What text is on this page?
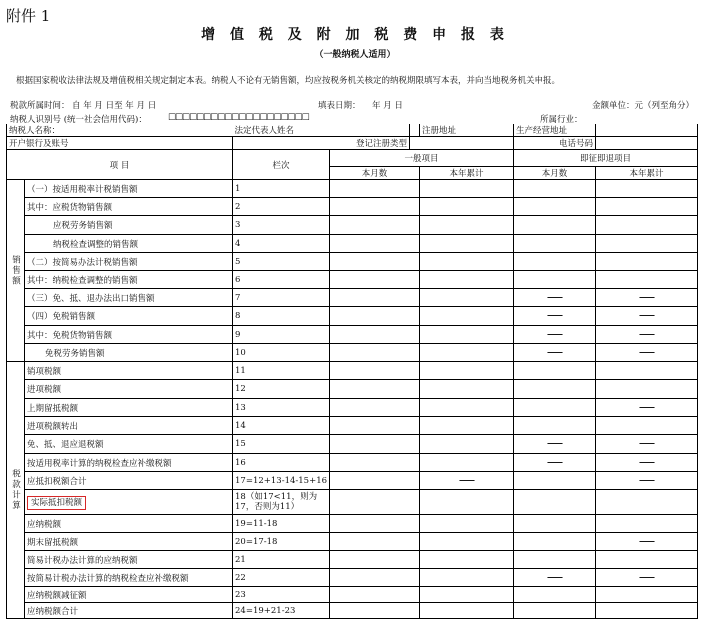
附件 1
增 值 税 及 附 加 税 费 申 报 表
（一般纳税人适用）
根据国家税收法律法规及增值税相关规定制定本表。纳税人不论有无销售额，均应按税务机关核定的纳税期限填写本表，并向当地税务机关申报。
税款所属时间： 自 年 月 日至 年 月 日	填表日期： 年 月 日	金额单位：元（列至角分）
纳税人识别号 (统一社会信用代码)： □□□□□□□□□□□□□□□□□□□□	所属行业：
纳税人名称：		法定代表人姓名			注册地址	生产经营地址	
开户银行及账号		登记注册类型				电话号码	
项 目		栏次	一般项目			即征即退项目	
			本月数		本年累计	本月数	本年累计
销售额	（一）按适用税率计税销售额	1					
	其中：应税货物销售额	2					
	应税劳务销售额	3					
	纳税检查调整的销售额	4					
	（二）按简易办法计税销售额	5					
	其中：纳税检查调整的销售额	6					
	（三）免、抵、退办法出口销售额	7				——	——
	（四）免税销售额	8				——	——
	其中：免税货物销售额	9				——	——
	免税劳务销售额	10				——	——
税款计算	销项税额	11					
	进项税额	12					
	上期留抵税额	13					——
	进项税额转出	14					
	免、抵、退应退税额	15				——	——
	按适用税率计算的纳税检查应补缴税额	16				——	——
	应抵扣税额合计	17=12+13-14-15+16			——		——
	实际抵扣税额	18（如17<11，则为17，否则为11）					
	应纳税额	19=11-18					
	期末留抵税额	20=17-18					——
	简易计税办法计算的应纳税额	21					
	按简易计税办法计算的纳税检查应补缴税额	22				——	——
	应纳税额减征额	23					
	应纳税额合计	24=19+21-23					
